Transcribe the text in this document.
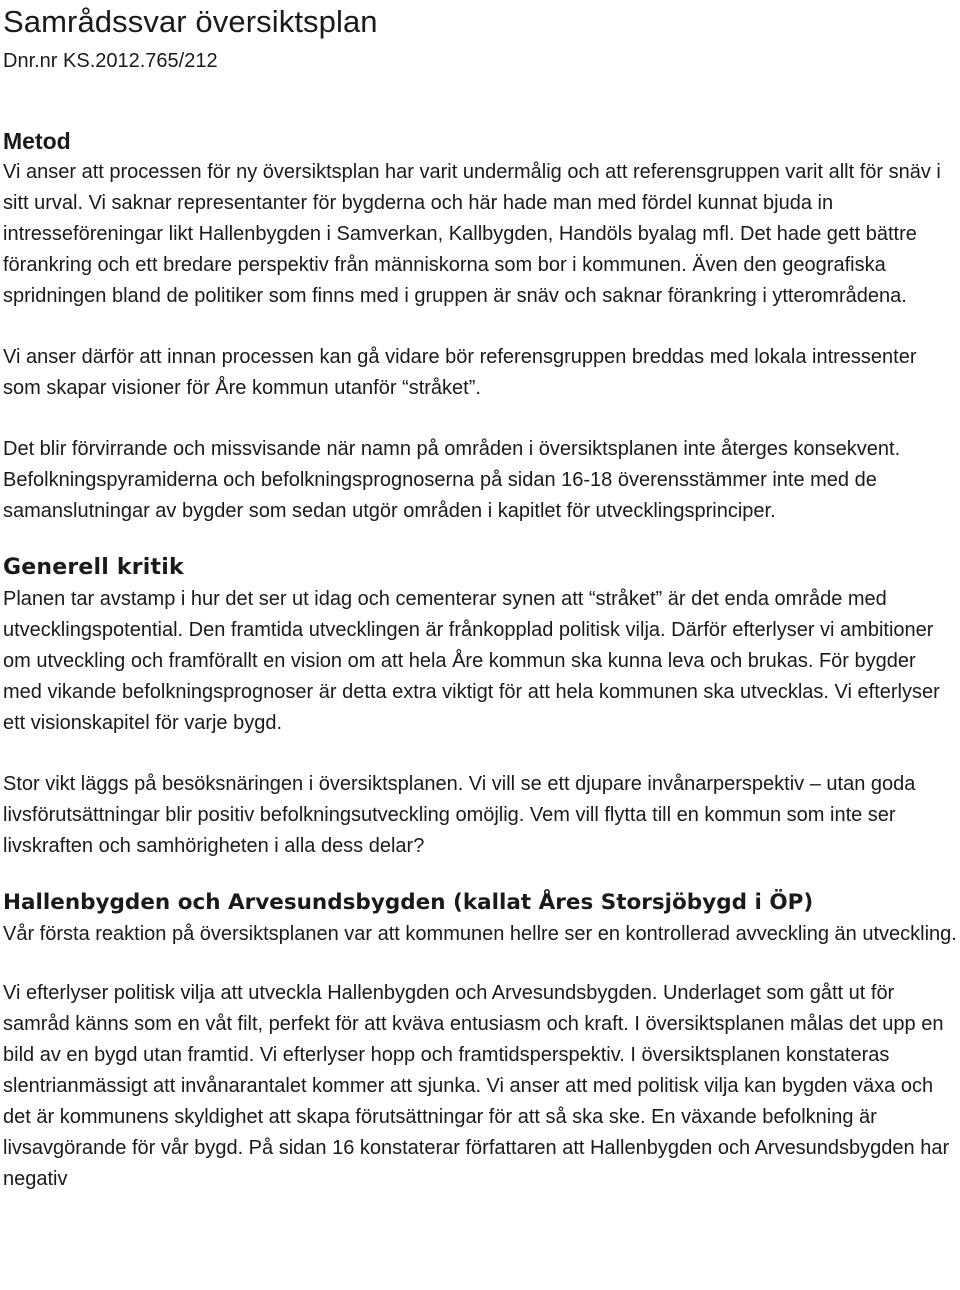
Samrådssvar översiktsplan
Dnr.nr KS.2012.765/212
Metod

Vi anser att processen för ny översiktsplan har varit undermålig och att referensgruppen varit allt för snäv i sitt urval. Vi saknar representanter för bygderna och här hade man med fördel kunnat bjuda in intresseföreningar likt Hallenbygden i Samverkan, Kallbygden, Handöls byalag mfl. Det hade gett bättre förankring och ett bredare perspektiv från människorna som bor i kommunen. Även den geografiska spridningen bland de politiker som finns med i gruppen är snäv och saknar förankring i ytterområdena.

Vi anser därför att innan processen kan gå vidare bör referensgruppen breddas med lokala intressenter som skapar visioner för Åre kommun utanför “stråket”.

Det blir förvirrande och missvisande när namn på områden i översiktsplanen inte återges konsekvent. Befolkningspyramiderna och befolkningsprognoserna på sidan 16-18 överensstämmer inte med de samanslutningar av bygder som sedan utgör områden i kapitlet för utvecklingsprinciper.

Generell kritik

Planen tar avstamp i hur det ser ut idag och cementerar synen att “stråket” är det enda område med utvecklingspotential. Den framtida utvecklingen är frånkopplad politisk vilja. Därför efterlyser vi ambitioner om utveckling och framförallt en vision om att hela Åre kommun ska kunna leva och brukas. För bygder med vikande befolkningsprognoser är detta extra viktigt för att hela kommunen ska utvecklas. Vi efterlyser ett visionskapitel för varje bygd.

Stor vikt läggs på besöksnäringen i översiktsplanen. Vi vill se ett djupare invånarperspektiv – utan goda livsförutsättningar blir positiv befolkningsutveckling omöjlig. Vem vill flytta till en kommun som inte ser livskraften och samhörigheten i alla dess delar?

Hallenbygden och Arvesundsbygden (kallat Åres Storsjöbygd i ÖP)

Vår första reaktion på översiktsplanen var att kommunen hellre ser en kontrollerad avveckling än utveckling.

Vi efterlyser politisk vilja att utveckla Hallenbygden och Arvesundsbygden. Underlaget som gått ut för samråd känns som en våt filt, perfekt för att kväva entusiasm och kraft. I översiktsplanen målas det upp en bild av en bygd utan framtid. Vi efterlyser hopp och framtidsperspektiv. I översiktsplanen konstateras slentrianmässigt att invånarantalet kommer att sjunka. Vi anser att med politisk vilja kan bygden växa och det är kommunens skyldighet att skapa förutsättningar för att så ska ske. En växande befolkning är livsavgörande för vår bygd. På sidan 16 konstaterar författaren att Hallenbygden och Arvesundsbygden har negativ
